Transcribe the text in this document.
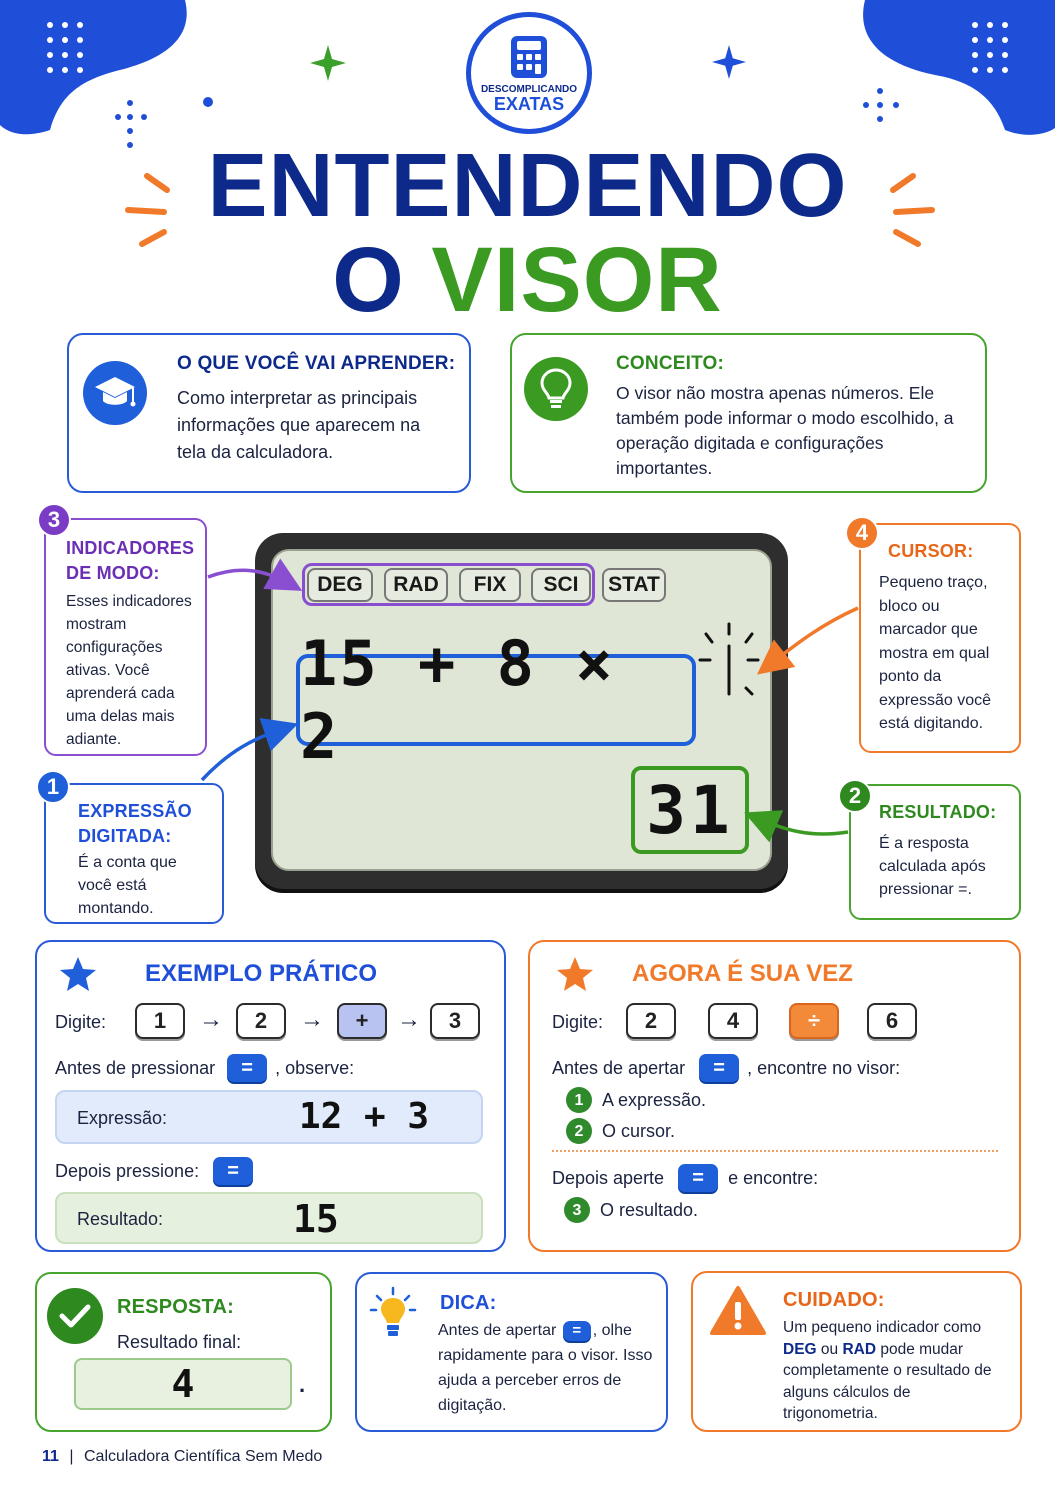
DESCOMPLICANDO
EXATAS
ENTENDENDO
O VISOR
O QUE VOCÊ VAI APRENDER:
Como interpretar as principais informações que aparecem na tela da calculadora.
CONCEITO:
O visor não mostra apenas números. Ele também pode informar o modo escolhido, a operação digitada e configurações importantes.
INDICADORES DE MODO:
Esses indicadores mostram configurações ativas. Você aprenderá cada uma delas mais adiante.
3
EXPRESSÃO DIGITADA:
É a conta que você está montando.
1
CURSOR:
Pequeno traço, bloco ou marcador que mostra em qual ponto da expressão você está digitando.
4
RESULTADO:
É a resposta calculada após pressionar =.
2
DEG	RAD	FIX	SCI	STAT
15 + 8 × 2
31
EXEMPLO PRÁTICO
Digite:	1	→	2	→	+	→	3
Antes de pressionar	=	, observe:
Expressão:	12 + 3
Depois pressione:	=
Resultado:	15
AGORA É SUA VEZ
Digite:	2	4	÷	6
Antes de apertar	=	, encontre no visor:
1	A expressão.
2	O cursor.
Depois aperte	=	e encontre:
3	O resultado.
RESPOSTA:
Resultado final:
4	.
DICA:
Antes de apertar = , olhe rapidamente para o visor. Isso ajuda a perceber erros de digitação.
CUIDADO:
Um pequeno indicador como DEG ou RAD pode mudar completamente o resultado de alguns cálculos de trigonometria.
11 | Calculadora Científica Sem Medo
